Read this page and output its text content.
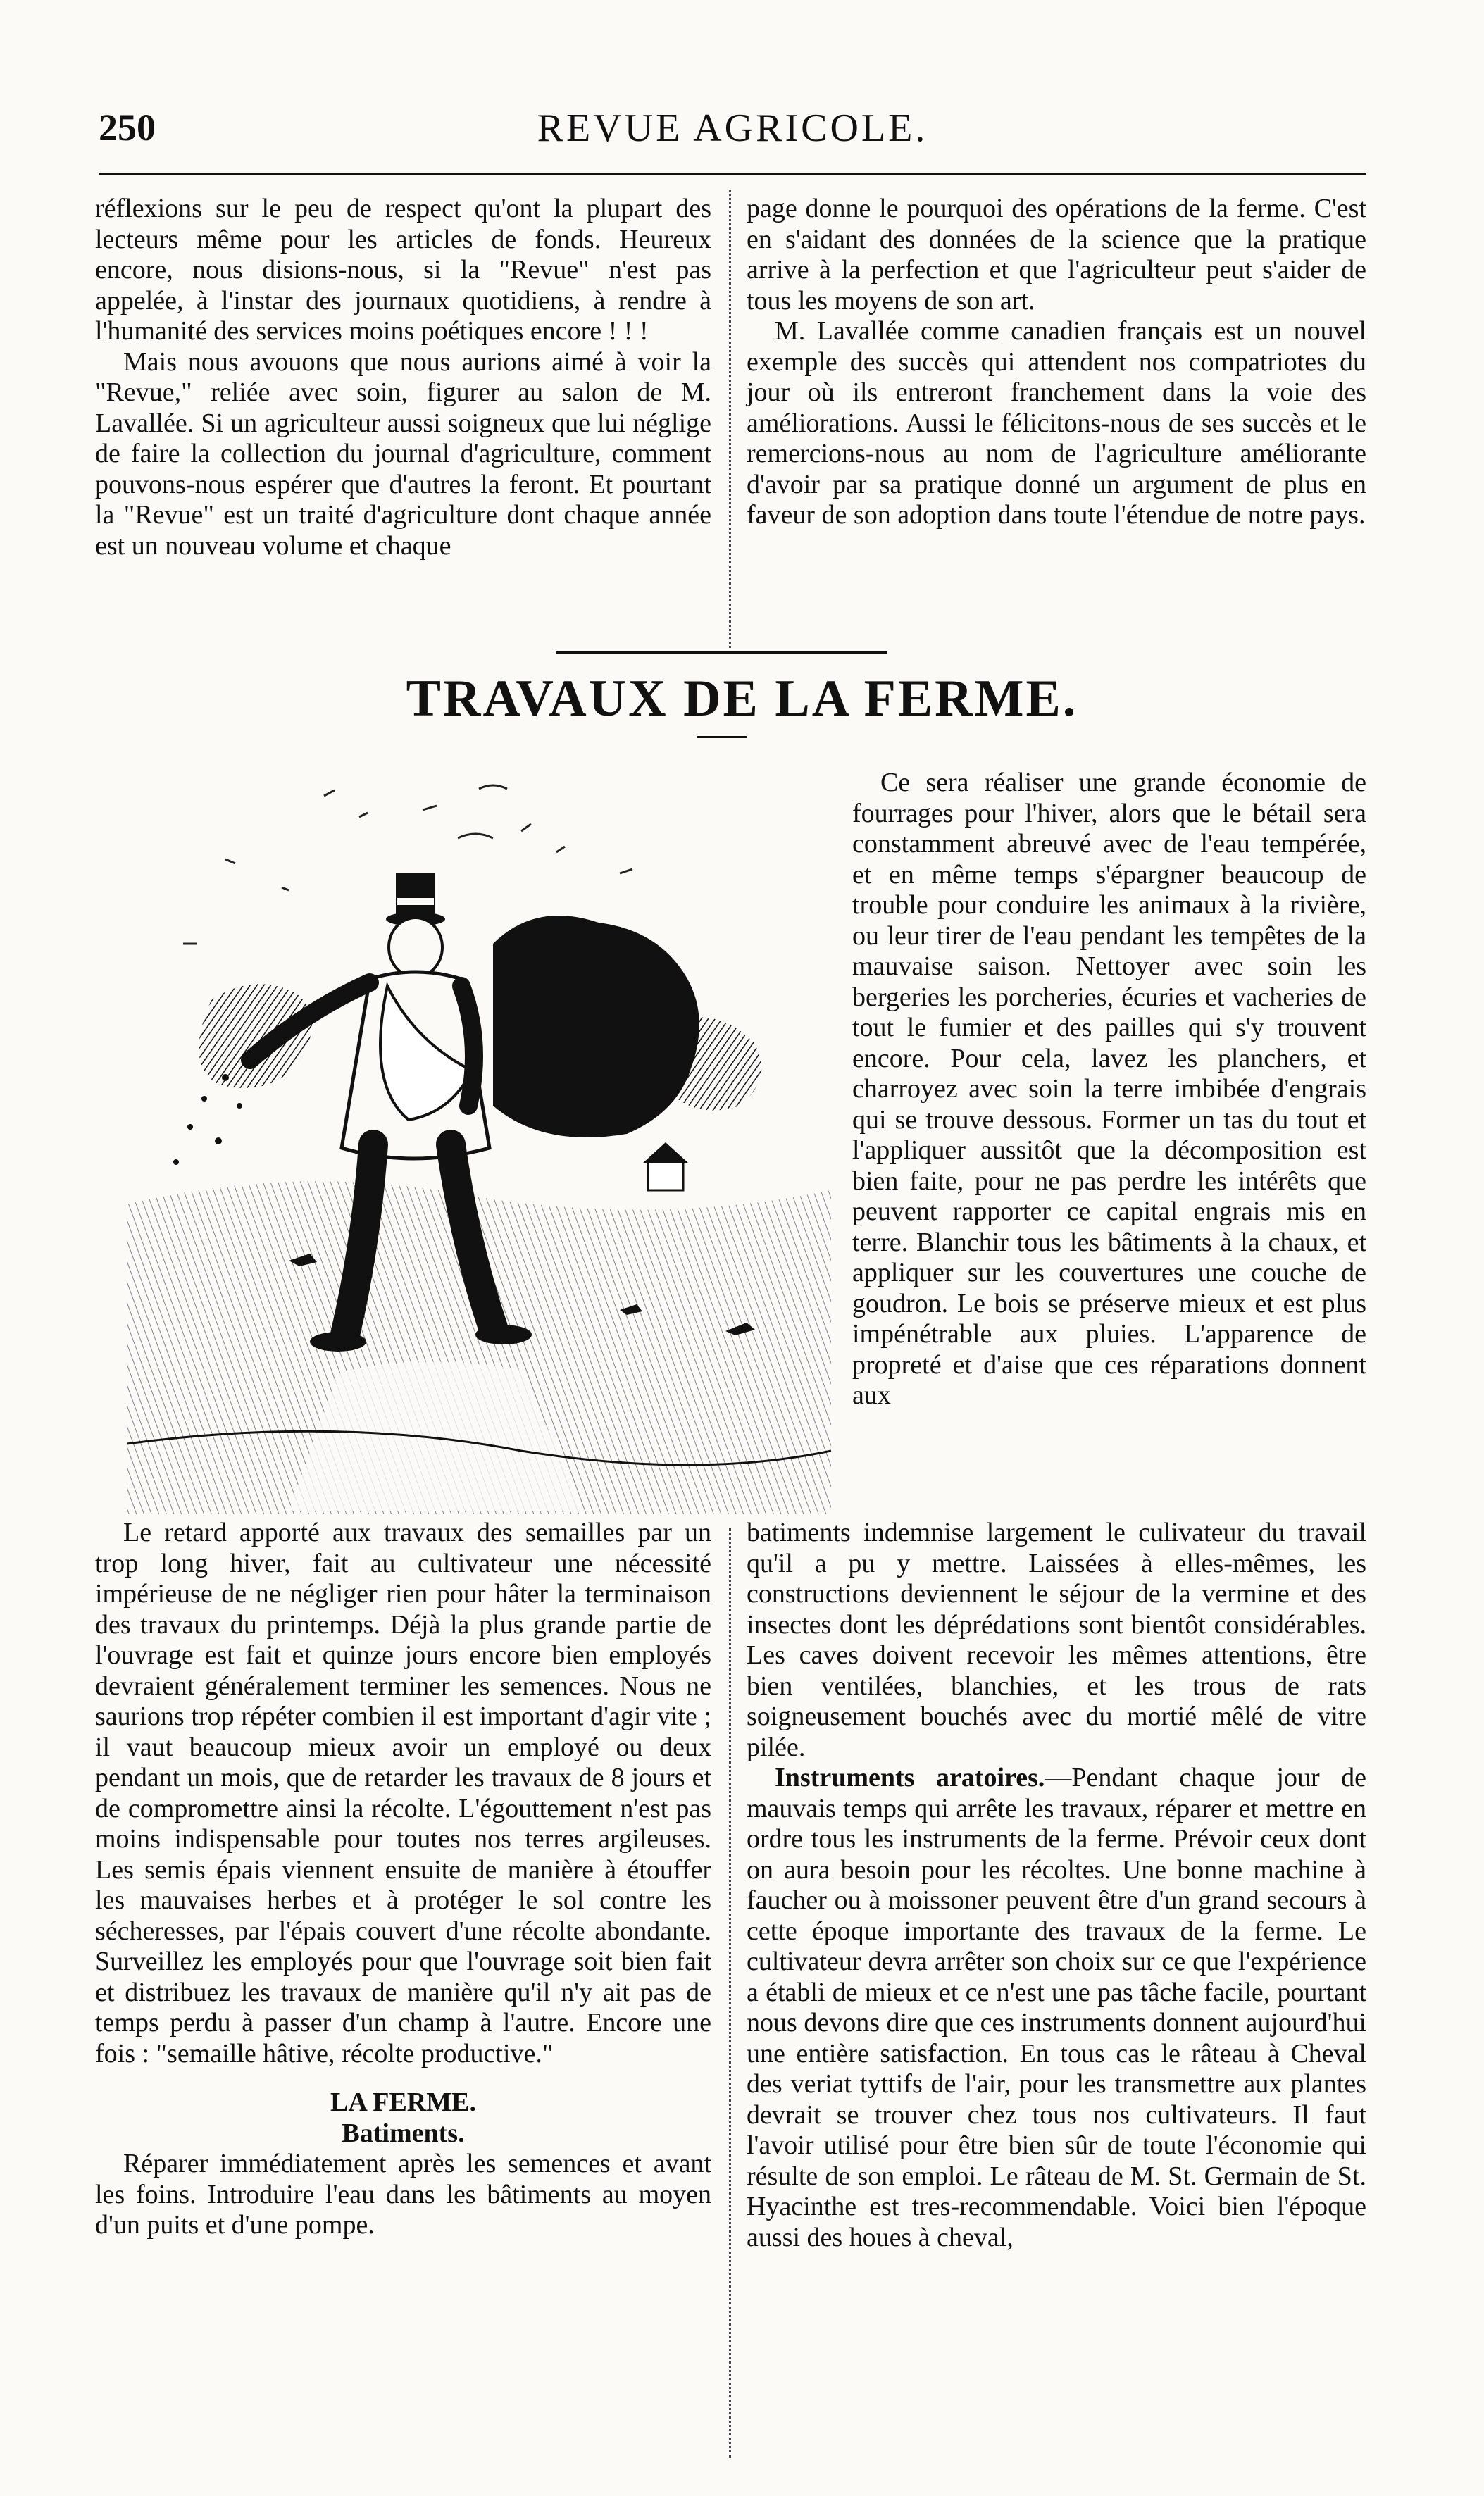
250	REVUE AGRICOLE.

réflexions sur le peu de respect qu'ont la plupart des lecteurs même pour les articles de fonds. Heureux encore, nous disions-nous, si la "Revue" n'est pas appelée, à l'instar des journaux quotidiens, à rendre à l'humanité des services moins poétiques encore ! ! !

Mais nous avouons que nous aurions aimé à voir la "Revue," reliée avec soin, figurer au salon de M. Lavallée. Si un agriculteur aussi soigneux que lui néglige de faire la collection du journal d'agriculture, comment pouvons-nous espérer que d'autres la feront. Et pourtant la "Revue" est un traité d'agriculture dont chaque année est un nouveau volume et chaque

page donne le pourquoi des opérations de la ferme. C'est en s'aidant des données de la science que la pratique arrive à la perfection et que l'agriculteur peut s'aider de tous les moyens de son art.

M. Lavallée comme canadien français est un nouvel exemple des succès qui attendent nos compatriotes du jour où ils entreront franchement dans la voie des améliorations. Aussi le félicitons-nous de ses succès et le remercions-nous au nom de l'agriculture améliorante d'avoir par sa pratique donné un argument de plus en faveur de son adoption dans toute l'étendue de notre pays.

TRAVAUX DE LA FERME.

Ce sera réaliser une grande économie de fourrages pour l'hiver, alors que le bétail sera constamment abreuvé avec de l'eau tempérée, et en même temps s'épargner beaucoup de trouble pour conduire les animaux à la rivière, ou leur tirer de l'eau pendant les tempêtes de la mauvaise saison. Nettoyer avec soin les bergeries les porcheries, écuries et vacheries de tout le fumier et des pailles qui s'y trouvent encore. Pour cela, lavez les planchers, et charroyez avec soin la terre imbibée d'engrais qui se trouve dessous. Former un tas du tout et l'appliquer aussitôt que la décomposition est bien faite, pour ne pas perdre les intérêts que peuvent rapporter ce capital engrais mis en terre. Blanchir tous les bâtiments à la chaux, et appliquer sur les couvertures une couche de goudron. Le bois se préserve mieux et est plus impénétrable aux pluies. L'apparence de propreté et d'aise que ces réparations donnent aux

Le retard apporté aux travaux des semailles par un trop long hiver, fait au cultivateur une nécessité impérieuse de ne négliger rien pour hâter la terminaison des travaux du printemps. Déjà la plus grande partie de l'ouvrage est fait et quinze jours encore bien employés devraient généralement terminer les semences. Nous ne saurions trop répéter combien il est important d'agir vite ; il vaut beaucoup mieux avoir un employé ou deux pendant un mois, que de retarder les travaux de 8 jours et de compromettre ainsi la récolte. L'égouttement n'est pas moins indispensable pour toutes nos terres argileuses. Les semis épais viennent ensuite de manière à étouffer les mauvaises herbes et à protéger le sol contre les sécheresses, par l'épais couvert d'une récolte abondante. Surveillez les employés pour que l'ouvrage soit bien fait et distribuez les travaux de manière qu'il n'y ait pas de temps perdu à passer d'un champ à l'autre. Encore une fois : "semaille hâtive, récolte productive."

LA FERME.

Batiments.

Réparer immédiatement après les semences et avant les foins. Introduire l'eau dans les bâtiments au moyen d'un puits et d'une pompe.

batiments indemnise largement le culivateur du travail qu'il a pu y mettre. Laissées à elles-mêmes, les constructions deviennent le séjour de la vermine et des insectes dont les déprédations sont bientôt considérables. Les caves doivent recevoir les mêmes attentions, être bien ventilées, blanchies, et les trous de rats soigneusement bouchés avec du mortié mêlé de vitre pilée.

Instruments aratoires.—Pendant chaque jour de mauvais temps qui arrête les travaux, réparer et mettre en ordre tous les instruments de la ferme. Prévoir ceux dont on aura besoin pour les récoltes. Une bonne machine à faucher ou à moissoner peuvent être d'un grand secours à cette époque importante des travaux de la ferme. Le cultivateur devra arrêter son choix sur ce que l'expérience a établi de mieux et ce n'est une pas tâche facile, pourtant nous devons dire que ces instruments donnent aujourd'hui une entière satisfaction. En tous cas le râteau à Cheval des veriat tyttifs de l'air, pour les transmettre aux plantes devrait se trouver chez tous nos cultivateurs. Il faut l'avoir utilisé pour être bien sûr de toute l'économie qui résulte de son emploi. Le râteau de M. St. Germain de St. Hyacinthe est tres-recommendable. Voici bien l'époque aussi des houes à cheval,
